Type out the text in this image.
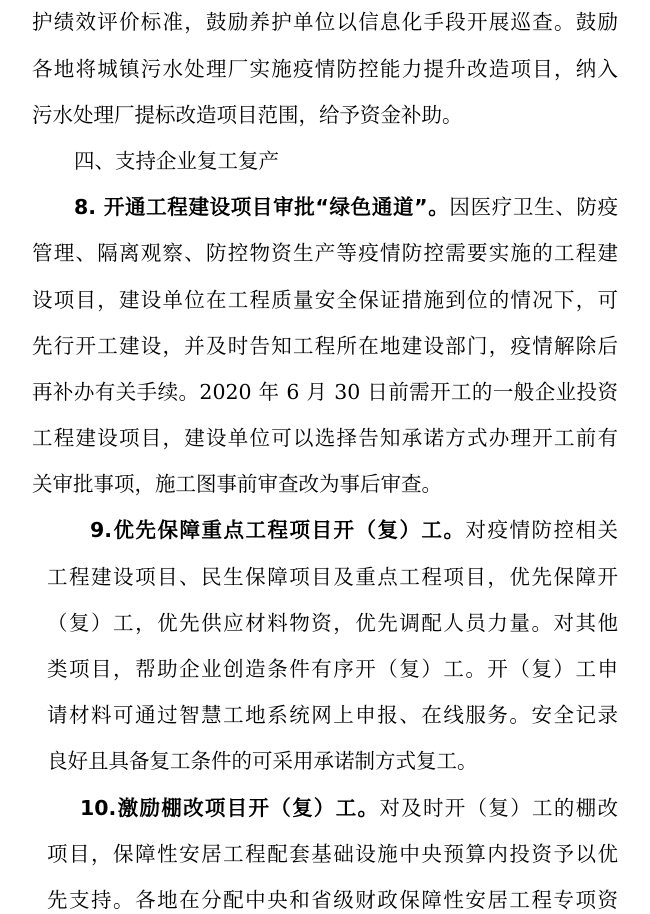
护绩效评价标准，鼓励养护单位以信息化手段开展巡查。鼓励
各地将城镇污水处理厂实施疫情防控能力提升改造项目，纳入
污水处理厂提标改造项目范围，给予资金补助。
四、支持企业复工复产
8. 开通工程建设项目审批“绿色通道”。因医疗卫生、防疫
管理、隔离观察、防控物资生产等疫情防控需要实施的工程建
设项目，建设单位在工程质量安全保证措施到位的情况下，可
先行开工建设，并及时告知工程所在地建设部门，疫情解除后
再补办有关手续。2020 年 6 月 30 日前需开工的一般企业投资
工程建设项目，建设单位可以选择告知承诺方式办理开工前有
关审批事项，施工图事前审查改为事后审查。
9.优先保障重点工程项目开（复）工。对疫情防控相关
工程建设项目、民生保障项目及重点工程项目，优先保障开
（复）工，优先供应材料物资，优先调配人员力量。对其他
类项目，帮助企业创造条件有序开（复）工。开（复）工申
请材料可通过智慧工地系统网上申报、在线服务。安全记录
良好且具备复工条件的可采用承诺制方式复工。
10.激励棚改项目开（复）工。对及时开（复）工的棚改
项目，保障性安居工程配套基础设施中央预算内投资予以优
先支持。各地在分配中央和省级财政保障性安居工程专项资
